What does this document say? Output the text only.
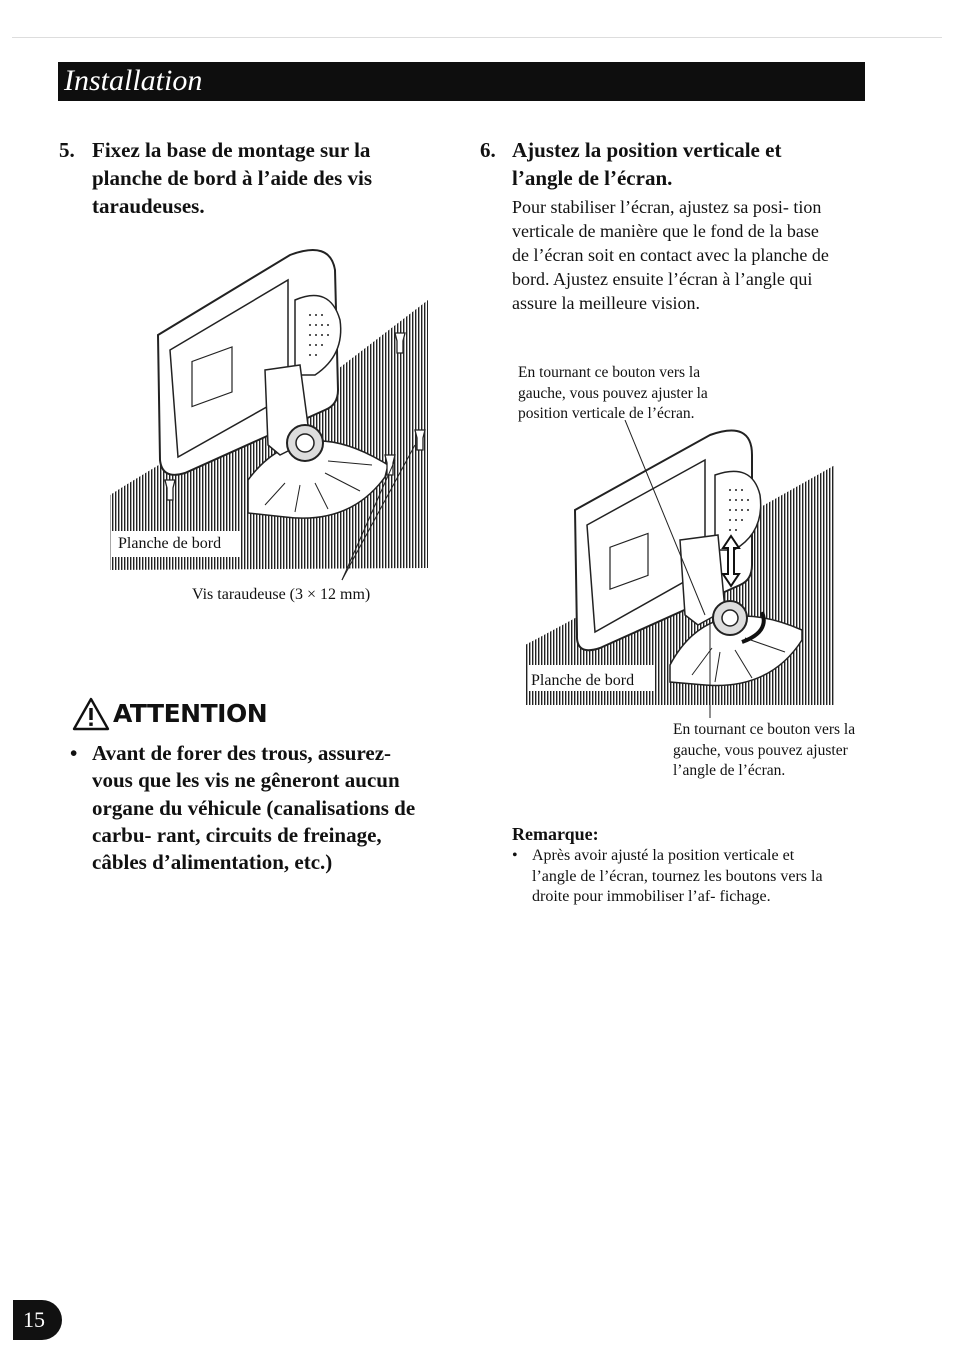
Installation
5. Fixez la base de montage sur la planche de bord à l’aide des vis taraudeuses.
Planche de bord
Vis taraudeuse (3 × 12 mm)
ATTENTION
• Avant de forer des trous, assurez-vous que les vis ne gêneront aucun organe du véhicule (canalisations de carbu- rant, circuits de freinage, câbles d’alimentation, etc.)
6. Ajustez la position verticale et l’angle de l’écran.
Pour stabiliser l’écran, ajustez sa posi- tion verticale de manière que le fond de la base de l’écran soit en contact avec la planche de bord. Ajustez ensuite l’écran à l’angle qui assure la meilleure vision.
En tournant ce bouton vers la gauche, vous pouvez ajuster la position verticale de l’écran.
Planche de bord
En tournant ce bouton vers la gauche, vous pouvez ajuster l’angle de l’écran.
Remarque:
• Après avoir ajusté la position verticale et l’angle de l’écran, tournez les boutons vers la droite pour immobiliser l’af- fichage.
15
